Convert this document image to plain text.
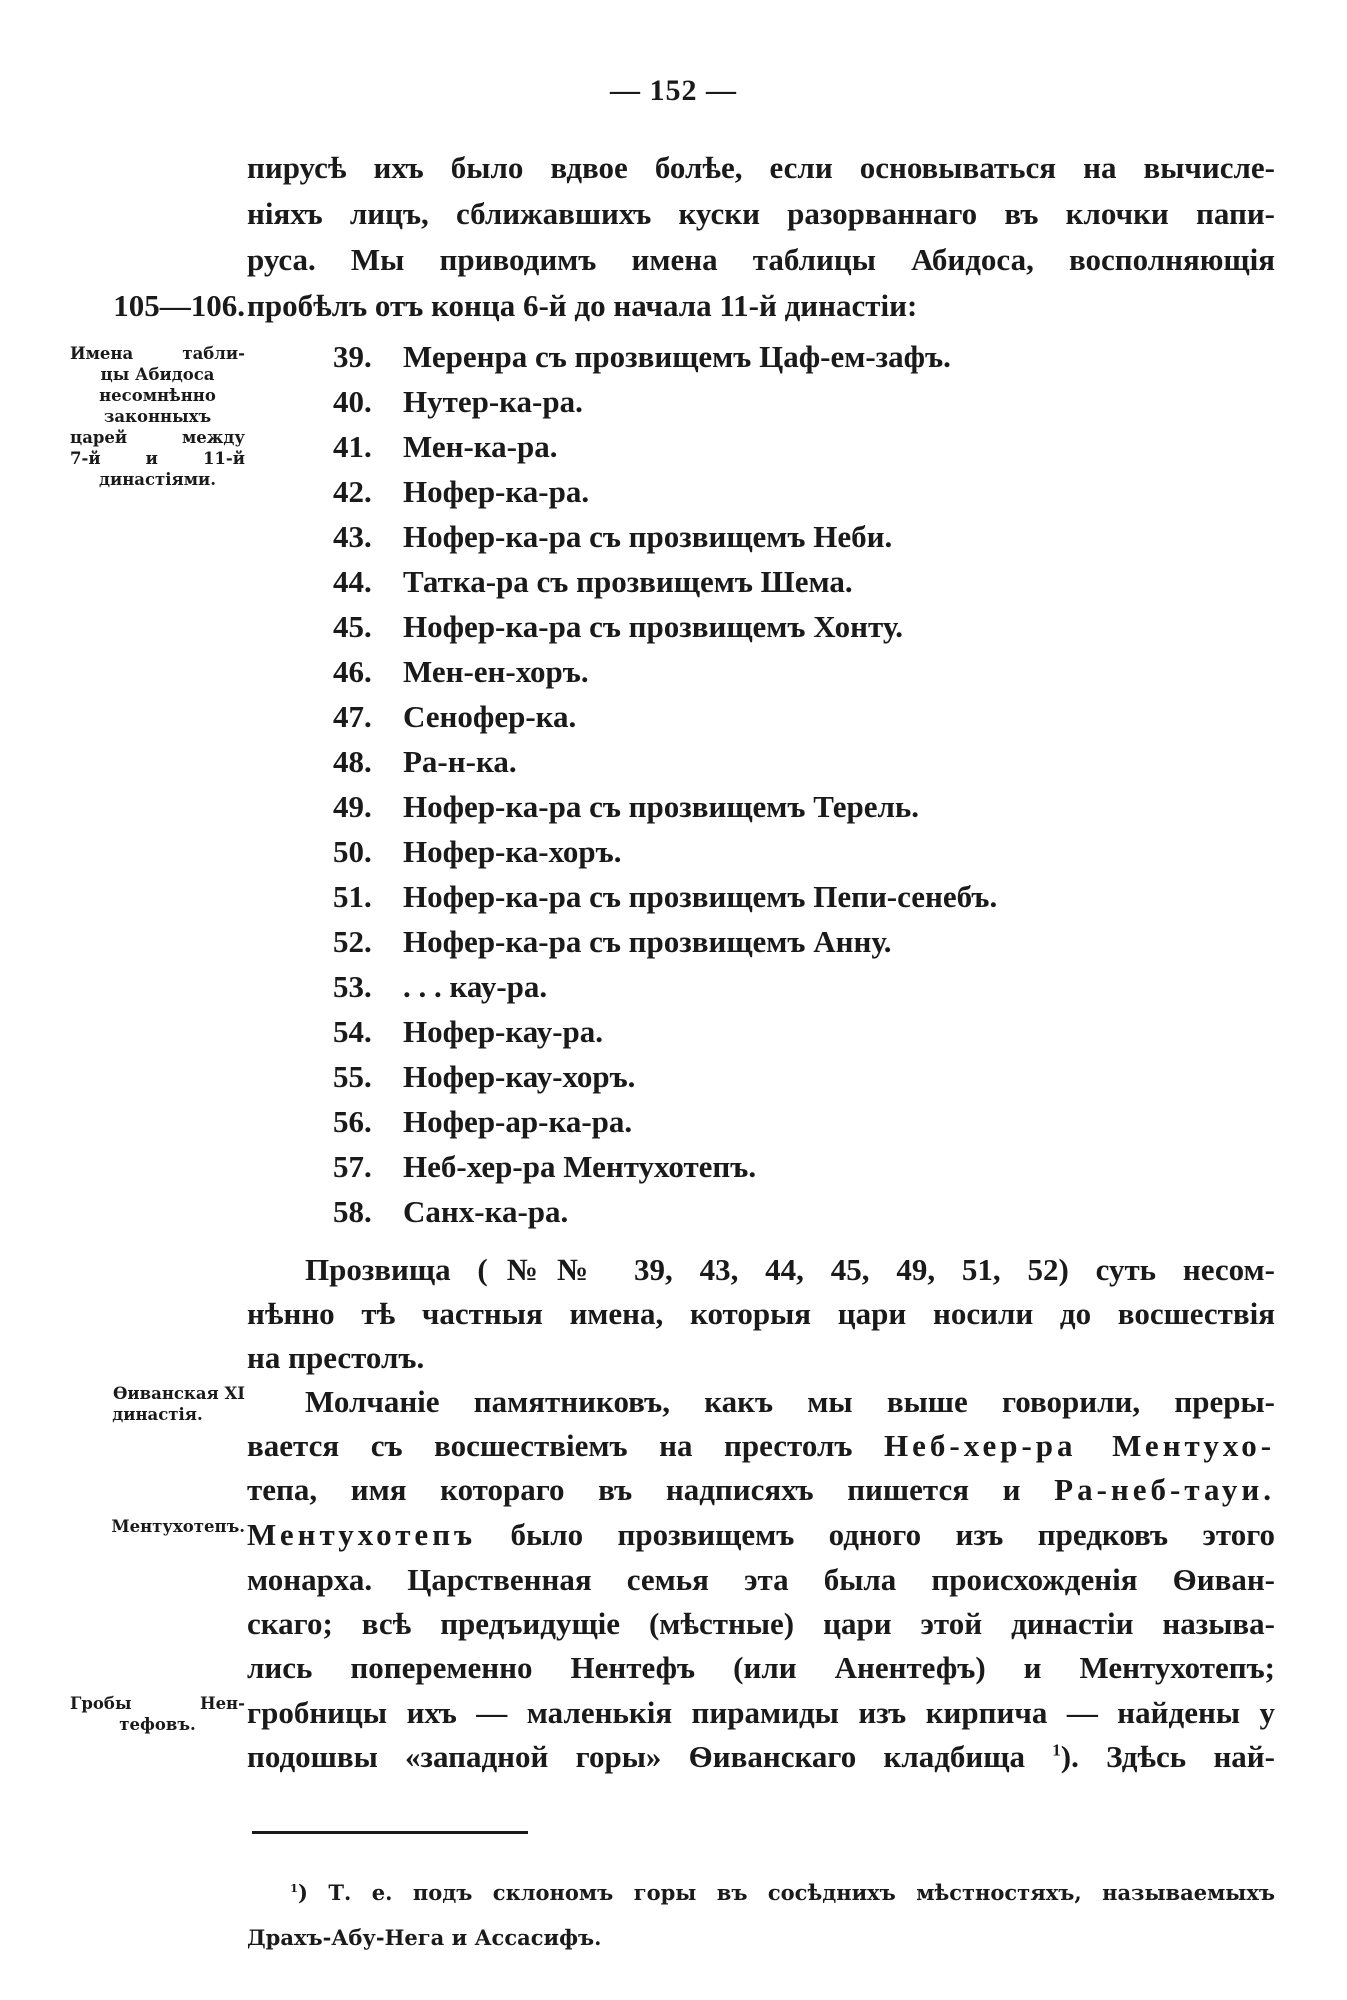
— 152 —
пирусѣ ихъ было вдвое болѣе, если основываться на вычисле-
ніяхъ лицъ, сближавшихъ куски разорваннаго въ клочки папи-
руса. Мы приводимъ имена таблицы Абидоса, восполняющія
пробѣлъ отъ конца 6-й до начала 11-й династіи:
105—106.
Имена табли-
цы Абидоса
несомнѣнно
законныхъ
царей между
7-й и 11-й
династіями.
39.	Меренра съ прозвищемъ Цаф-ем-зафъ.
40.	Нутер-ка-ра.
41.	Мен-ка-ра.
42.	Нофер-ка-ра.
43.	Нофер-ка-ра съ прозвищемъ Неби.
44.	Татка-ра съ прозвищемъ Шема.
45.	Нофер-ка-ра съ прозвищемъ Хонту.
46.	Мен-ен-хоръ.
47.	Сенофер-ка.
48.	Ра-н-ка.
49.	Нофер-ка-ра съ прозвищемъ Терель.
50.	Нофер-ка-хоръ.
51.	Нофер-ка-ра съ прозвищемъ Пепи-сенебъ.
52.	Нофер-ка-ра съ прозвищемъ Анну.
53.	. . . кау-ра.
54.	Нофер-кау-ра.
55.	Нофер-кау-хоръ.
56.	Нофер-ар-ка-ра.
57.	Неб-хер-ра Ментухотепъ.
58.	Санх-ка-ра.
Прозвища (№№ 39, 43, 44, 45, 49, 51, 52) суть несом-
нѣнно тѣ частныя имена, которыя цари носили до восшествія
на престолъ.
Ѳиванская XI
династія.
Ментухотепъ.
Гробы Нен-
тефовъ.
Молчаніе памятниковъ, какъ мы выше говорили, преры-
вается съ восшествіемъ на престолъ Неб-хер-ра Ментухо-
тепа, имя котораго въ надписяхъ пишется и Ра-неб-тауи.
Ментухотепъ было прозвищемъ одного изъ предковъ этого
монарха. Царственная семья эта была происхожденія Ѳиван-
скаго; всѣ предъидущіе (мѣстные) цари этой династіи называ-
лись попеременно Нентефъ (или Анентефъ) и Ментухотепъ;
гробницы ихъ — маленькія пирамиды изъ кирпича — найдены у
подошвы «западной горы» Ѳиванскаго кладбища $^1$). Здѣсь най-
$^1$) Т. е. подъ склономъ горы въ сосѣднихъ мѣстностяхъ, называемыхъ
Драхъ-Абу-Нега и Ассасифъ.
